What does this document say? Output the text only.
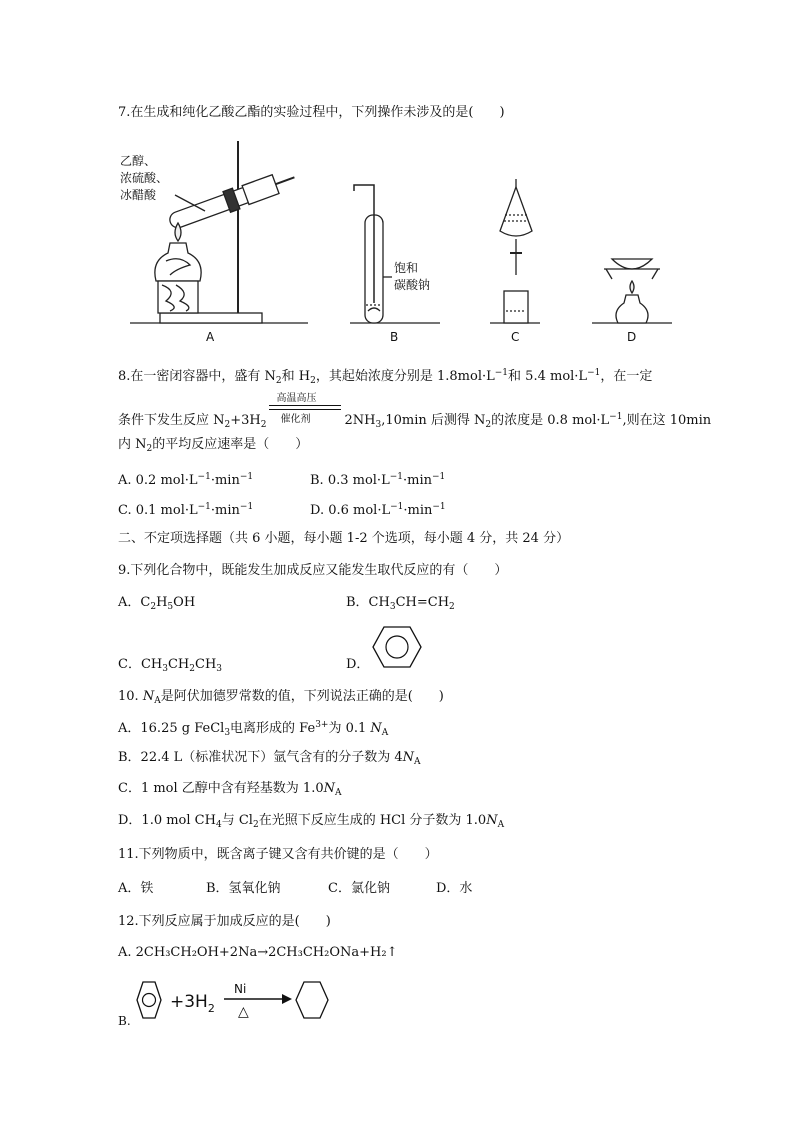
7.在生成和纯化乙酸乙酯的实验过程中，下列操作未涉及的是(　　)
乙醇、
浓硫酸、
冰醋酸
饱和
碳酸钠
A	B	C	D
8.在一密闭容器中，盛有 $N_2$和 $H_2$，其起始浓度分别是 $1.8mol\cdot L^{-1}$和 5.4 $mol\cdot L^{-1}$，在一定
条件下发生反应 $N_2+3H_2$
高温高压
催化剂	$2NH_3,10\min$ 后测得 $N_2$的浓度是 0.8 $mol\cdot L^{-1}$,则在这 10min
内 $N_2$的平均反应速率是（　　）
A. 0.2 $mol\cdot L^{-1}\cdot\min^{-1}$	B. 0.3 $mol\cdot L^{-1}\cdot\min^{-1}$
C. 0.1 $mol\cdot L^{-1}\cdot\min^{-1}$	D. 0.6 $mol\cdot L^{-1}\cdot\min^{-1}$
二、不定项选择题（共 6 小题，每小题 1-2 个选项，每小题 4 分，共 24 分）
9.下列化合物中，既能发生加成反应又能发生取代反应的有（　　）
A．$C_2H_5OH$	B．$CH_3CH=CH_2$
C．$CH_3CH_2CH_3$	D．
10. $N_A$是阿伏加德罗常数的值，下列说法正确的是(　　)
A．16.25 g FeCl$_3$电离形成的 $Fe^{3+}$为 0.1 $N_A$
B．22.4 L（标准状况下）氩气含有的分子数为 $4N_A$
C．1 mol 乙醇中含有羟基数为 $1.0N_A$
D．1.0 mol $CH_4$与 $Cl_2$在光照下反应生成的 HCl 分子数为 $1.0N_A$
11.下列物质中，既含离子键又含有共价键的是（　　）
A．铁	B．氢氧化钠	C．氯化钠	D．水
12.下列反应属于加成反应的是(　　)
A. 2CH₃CH₂OH+2Na→2CH₃CH₂ONa+H₂↑
$+3H_2$
Ni
△
B.
